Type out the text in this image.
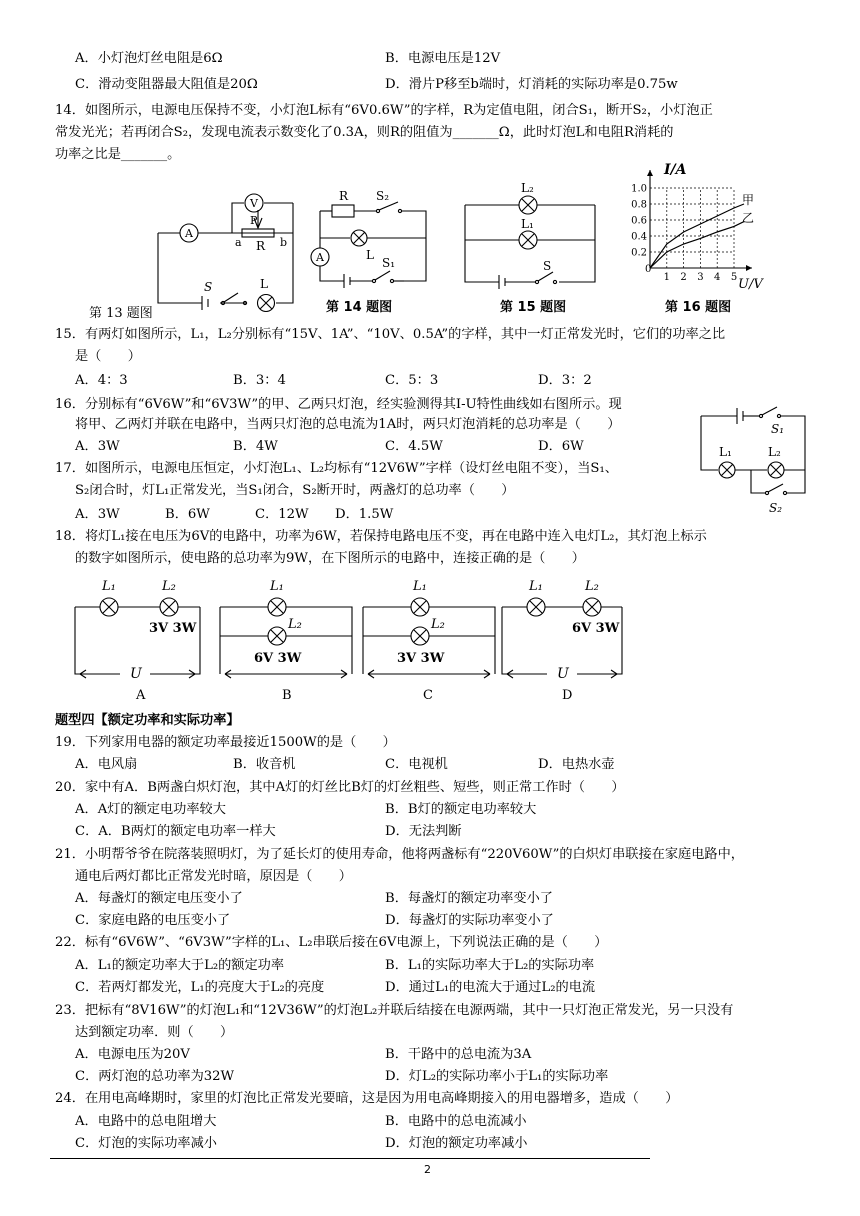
A．小灯泡灯丝电阻是6Ω	B．电源电压是12V
C．滑动变阻器最大阻值是20Ω	D．滑片P移至b端时，灯消耗的实际功率是0.75w
14．如图所示，电源电压保持不变，小灯泡L标有“6V0.6W”的字样，R为定值电阻，闭合S₁，断开S₂，小灯泡正
常发光光；若再闭合S₂，发现电流表示数变化了0.3A，则R的阻值为_______Ω，此时灯泡L和电阻R消耗的
功率之比是_______。
A
V
P
a R b
S	L
第 13 题图
R S₂
A	L
S₁
第 14 题图
L₂
L₁
S
第 15 题图
1.0
0.8
0.6
0.4
0.2
1 2 3 4 5
I/A
U/V
甲
乙
0
第 16 题图
15．有两灯如图所示，L₁，L₂分别标有“15V、1A”、“10V、0.5A”的字样，其中一灯正常发光时，它们的功率之比
是（　　）
A．4：3	B．3：4	C．5：3	D．3：2
16．分别标有“6V6W”和“6V3W”的甲、乙两只灯泡，经实验测得其I-U特性曲线如右图所示。现
将甲、乙两灯并联在电路中，当两只灯泡的总电流为1A时，两只灯泡消耗的总功率是（　　）
A．3W	B．4W	C．4.5W	D．6W
S₁
L₁	L₂
S₂
17．如图所示，电源电压恒定，小灯泡L₁、L₂均标有“12V6W”字样（设灯丝电阻不变），当S₁、
S₂闭合时，灯L₁正常发光，当S₁闭合，S₂断开时，两盏灯的总功率（　　）
A．3W	B．6W	C．12W D．1.5W
18．将灯L₁接在电压为6V的电路中，功率为6W，若保持电路电压不变，再在电路中连入电灯L₂，其灯泡上标示
的数字如图所示，使电路的总功率为9W，在下图所示的电路中，连接正确的是（　　）
L₁	L₂
3V 3W
U
A
L₁
L₂
6V 3W
B
L₁
L₂
3V 3W
C
L₁	L₂
6V 3W
U
D
题型四【额定功率和实际功率】
19．下列家用电器的额定功率最接近1500W的是（　　）
A．电风扇	B．收音机	C．电视机	D．电热水壶
20．家中有A．B两盏白炽灯泡，其中A灯的灯丝比B灯的灯丝粗些、短些，则正常工作时（　　）
A．A灯的额定电功率较大	B．B灯的额定电功率较大
C．A．B两灯的额定电功率一样大	D．无法判断
21．小明帮爷爷在院落装照明灯，为了延长灯的使用寿命，他将两盏标有“220V60W”的白炽灯串联接在家庭电路中，
通电后两灯都比正常发光时暗，原因是（　　）
A．每盏灯的额定电压变小了	B．每盏灯的额定功率变小了
C．家庭电路的电压变小了	D．每盏灯的实际功率变小了
22．标有“6V6W”、“6V3W”字样的L₁、L₂串联后接在6V电源上，下列说法正确的是（　　）
A．L₁的额定功率大于L₂的额定功率	B．L₁的实际功率大于L₂的实际功率
C．若两灯都发光，L₁的亮度大于L₂的亮度	D．通过L₁的电流大于通过L₂的电流
23．把标有“8V16W”的灯泡L₁和“12V36W”的灯泡L₂并联后结接在电源两端，其中一只灯泡正常发光，另一只没有
达到额定功率．则（　　）
A．电源电压为20V	B．干路中的总电流为3A
C．两灯泡的总功率为32W	D．灯L₂的实际功率小于L₁的实际功率
24．在用电高峰期时，家里的灯泡比正常发光要暗，这是因为用电高峰期接入的用电器增多，造成（　　）
A．电路中的总电阻增大	B．电路中的总电流减小
C．灯泡的实际功率减小	D．灯泡的额定功率减小
2
